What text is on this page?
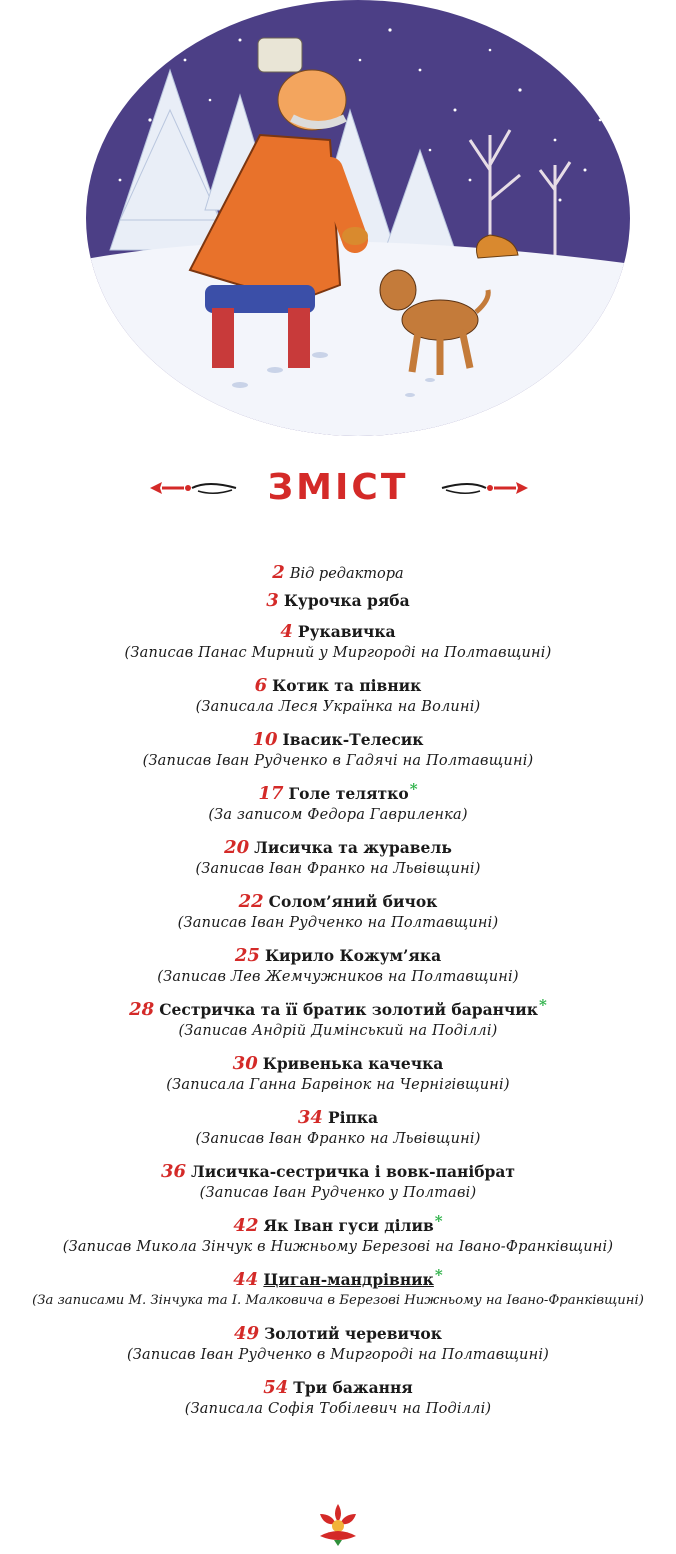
ЗМІСТ
2 Від редактора
3 Курочка ряба
4 Рукавичка
(Записав Панас Мирний у Миргороді на Полтавщині)
6 Котик та півник
(Записала Леся Українка на Волині)
10 Івасик-Телесик
(Записав Іван Рудченко в Гадячі на Полтавщині)
17 Голе телятко*
(За записом Федора Гавриленка)
20 Лисичка та журавель
(Записав Іван Франко на Львівщині)
22 Солом’яний бичок
(Записав Іван Рудченко на Полтавщині)
25 Кирило Кожум’яка
(Записав Лев Жемчужников на Полтавщині)
28 Сестричка та її братик золотий баранчик*
(Записав Андрій Димінський на Поділлі)
30 Кривенька качечка
(Записала Ганна Барвінок на Чернігівщині)
34 Ріпка
(Записав Іван Франко на Львівщині)
36 Лисичка-сестричка і вовк-панібрат
(Записав Іван Рудченко у Полтаві)
42 Як Іван гуси ділив*
(Записав Микола Зінчук в Нижньому Березові на Івано-Франківщині)
44 Циган-мандрівник*
(За записами М. Зінчука та І. Малковича в Березові Нижньому на Івано-Франківщині)
49 Золотий черевичок
(Записав Іван Рудченко в Миргороді на Полтавщині)
54 Три бажання
(Записала Софія Тобілевич на Поділлі)
